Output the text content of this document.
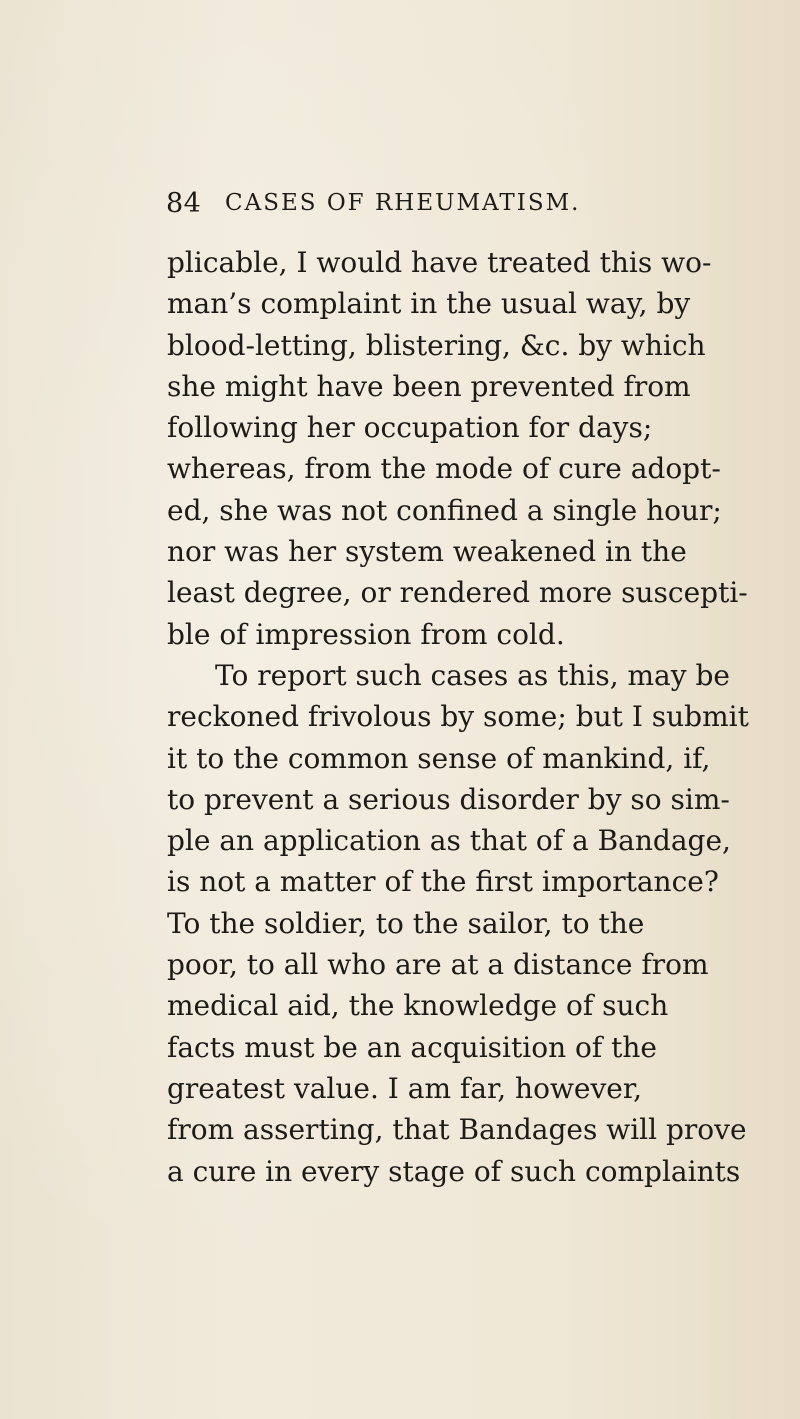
84 CASES OF RHEUMATISM.
plicable, I would have treated this wo-
man’s complaint in the usual way, by
blood-letting, blistering, &c. by which
she might have been prevented from
following her occupation for days;
whereas, from the mode of cure adopt-
ed, she was not confined a single hour;
nor was her system weakened in the
least degree, or rendered more suscepti-
ble of impression from cold.
To report such cases as this, may be
reckoned frivolous by some; but I submit
it to the common sense of mankind, if,
to prevent a serious disorder by so sim-
ple an application as that of a Bandage,
is not a matter of the first importance?
To the soldier, to the sailor, to the
poor, to all who are at a distance from
medical aid, the knowledge of such
facts must be an acquisition of the
greatest value. I am far, however,
from asserting, that Bandages will prove
a cure in every stage of such complaints
